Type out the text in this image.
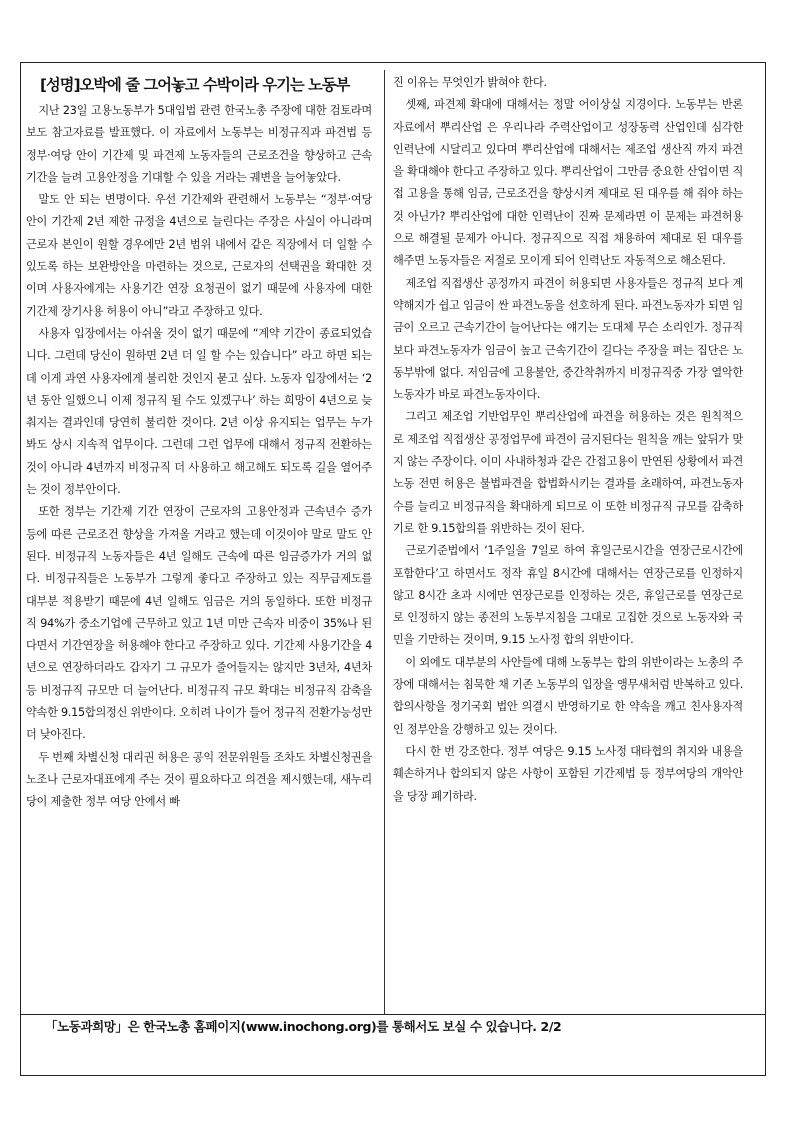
[성명]오박에 줄 그어놓고 수박이라 우기는 노동부

지난 23일 고용노동부가 5대입법 관련 한국노총 주장에 대한 검토라며 보도 참고자료를 발표했다. 이 자료에서 노동부는 비정규직과 파견법 등 정부·여당 안이 기간제 및 파견제 노동자들의 근로조건을 향상하고 근속기간을 늘려 고용안정을 기대할 수 있을 거라는 궤변을 늘어놓았다.

말도 안 되는 변명이다. 우선 기간제와 관련해서 노동부는 “정부·여당안이 기간제 2년 제한 규정을 4년으로 늘린다는 주장은 사실이 아니라며 근로자 본인이 원할 경우에만 2년 범위 내에서 같은 직장에서 더 일할 수 있도록 하는 보완방안을 마련하는 것으로, 근로자의 선택권을 확대한 것이며 사용자에게는 사용기간 연장 요청권이 없기 때문에 사용자에 대한 기간제 장기사용 허용이 아니”라고 주장하고 있다.

사용자 입장에서는 아쉬울 것이 없기 때문에 “계약 기간이 종료되었습니다. 그런데 당신이 원하면 2년 더 일 할 수는 있습니다” 라고 하면 되는데 이게 과연 사용자에게 불리한 것인지 묻고 싶다. 노동자 입장에서는 ‘2년 동안 일했으니 이제 정규직 될 수도 있겠구나’ 하는 희망이 4년으로 늦춰지는 결과인데 당연히 불리한 것이다. 2년 이상 유지되는 업무는 누가 봐도 상시 지속적 업무이다. 그런데 그런 업무에 대해서 정규직 전환하는 것이 아니라 4년까지 비정규직 더 사용하고 해고해도 되도록 길을 열어주는 것이 정부안이다.

또한 정부는 기간제 기간 연장이 근로자의 고용안정과 근속년수 증가 등에 따른 근로조건 향상을 가져올 거라고 했는데 이것이야 말로 말도 안된다. 비정규직 노동자들은 4년 일해도 근속에 따른 임금증가가 거의 없다. 비정규직들은 노동부가 그렇게 좋다고 주장하고 있는 직무급제도를 대부분 적용받기 때문에 4년 일해도 임금은 거의 동일하다. 또한 비정규직 94%가 중소기업에 근무하고 있고 1년 미만 근속자 비중이 35%나 된다면서 기간연장을 허용해야 한다고 주장하고 있다. 기간제 사용기간을 4년으로 연장하더라도 갑자기 그 규모가 줄어들지는 않지만 3년차, 4년차 등 비정규직 규모만 더 늘어난다. 비정규직 규모 확대는 비정규직 감축을 약속한 9.15합의정신 위반이다. 오히려 나이가 들어 정규직 전환가능성만 더 낮아진다.

두 번째 차별신청 대리권 허용은 공익 전문위원들 조차도 차별신청권을 노조나 근로자대표에게 주는 것이 필요하다고 의견을 제시했는데, 새누리당이 제출한 정부 여당 안에서 빠

진 이유는 무엇인가 밝혀야 한다.

셋째, 파견제 확대에 대해서는 정말 어이상실 지경이다. 노동부는 반론자료에서 뿌리산업 은 우리나라 주력산업이고 성장동력 산업인데 심각한 인력난에 시달리고 있다며 뿌리산업에 대해서는 제조업 생산직 까지 파견을 확대해야 한다고 주장하고 있다. 뿌리산업이 그만큼 중요한 산업이면 직접 고용을 통해 임금, 근로조건을 향상시켜 제대로 된 대우를 해 줘야 하는 것 아닌가? 뿌리산업에 대한 인력난이 진짜 문제라면 이 문제는 파견허용으로 해결될 문제가 아니다. 정규직으로 직접 채용하여 제대로 된 대우를 해주면 노동자들은 저절로 모이게 되어 인력난도 자동적으로 해소된다.

제조업 직접생산 공정까지 파견이 허용되면 사용자들은 정규직 보다 계약해지가 쉽고 임금이 싼 파견노동을 선호하게 된다. 파견노동자가 되면 임금이 오르고 근속기간이 늘어난다는 얘기는 도대체 무슨 소리인가. 정규직보다 파견노동자가 임금이 높고 근속기간이 길다는 주장을 펴는 집단은 노동부밖에 없다. 저임금에 고용불안, 중간착취까지 비정규직중 가장 열악한 노동자가 바로 파견노동자이다.

그리고 제조업 기반업무인 뿌리산업에 파견을 허용하는 것은 원칙적으로 제조업 직접생산 공정업무에 파견이 금지된다는 원칙을 깨는 앞뒤가 맞지 않는 주장이다. 이미 사내하청과 같은 간접고용이 만연된 상황에서 파견노동 전면 허용은 불법파견을 합법화시키는 결과를 초래하여, 파견노동자수를 늘리고 비정규직을 확대하게 되므로 이 또한 비정규직 규모를 감축하기로 한 9.15합의를 위반하는 것이 된다.

근로기준법에서 ‘1주일을 7일로 하여 휴일근로시간을 연장근로시간에 포함한다’고 하면서도 정작 휴일 8시간에 대해서는 연장근로를 인정하지 않고 8시간 초과 시에만 연장근로를 인정하는 것은, 휴일근로를 연장근로로 인정하지 않는 종전의 노동부지침을 그대로 고집한 것으로 노동자와 국민을 기만하는 것이며, 9.15 노사정 합의 위반이다.

이 외에도 대부분의 사안들에 대해 노동부는 합의 위반이라는 노총의 주장에 대해서는 침묵한 채 기존 노동부의 입장을 앵무새처럼 반복하고 있다. 합의사항을 정기국회 법안 의결시 반영하기로 한 약속을 깨고 친사용자적인 정부안을 강행하고 있는 것이다.

다시 한 번 강조한다. 정부 여당은 9.15 노사정 대타협의 취지와 내용을 훼손하거나 합의되지 않은 사항이 포함된 기간제법 등 정부여당의 개악안을 당장 폐기하라.

「노동과희망」은 한국노총 홈페이지(www.inochong.org)를 통해서도 보실 수 있습니다. 2/2
